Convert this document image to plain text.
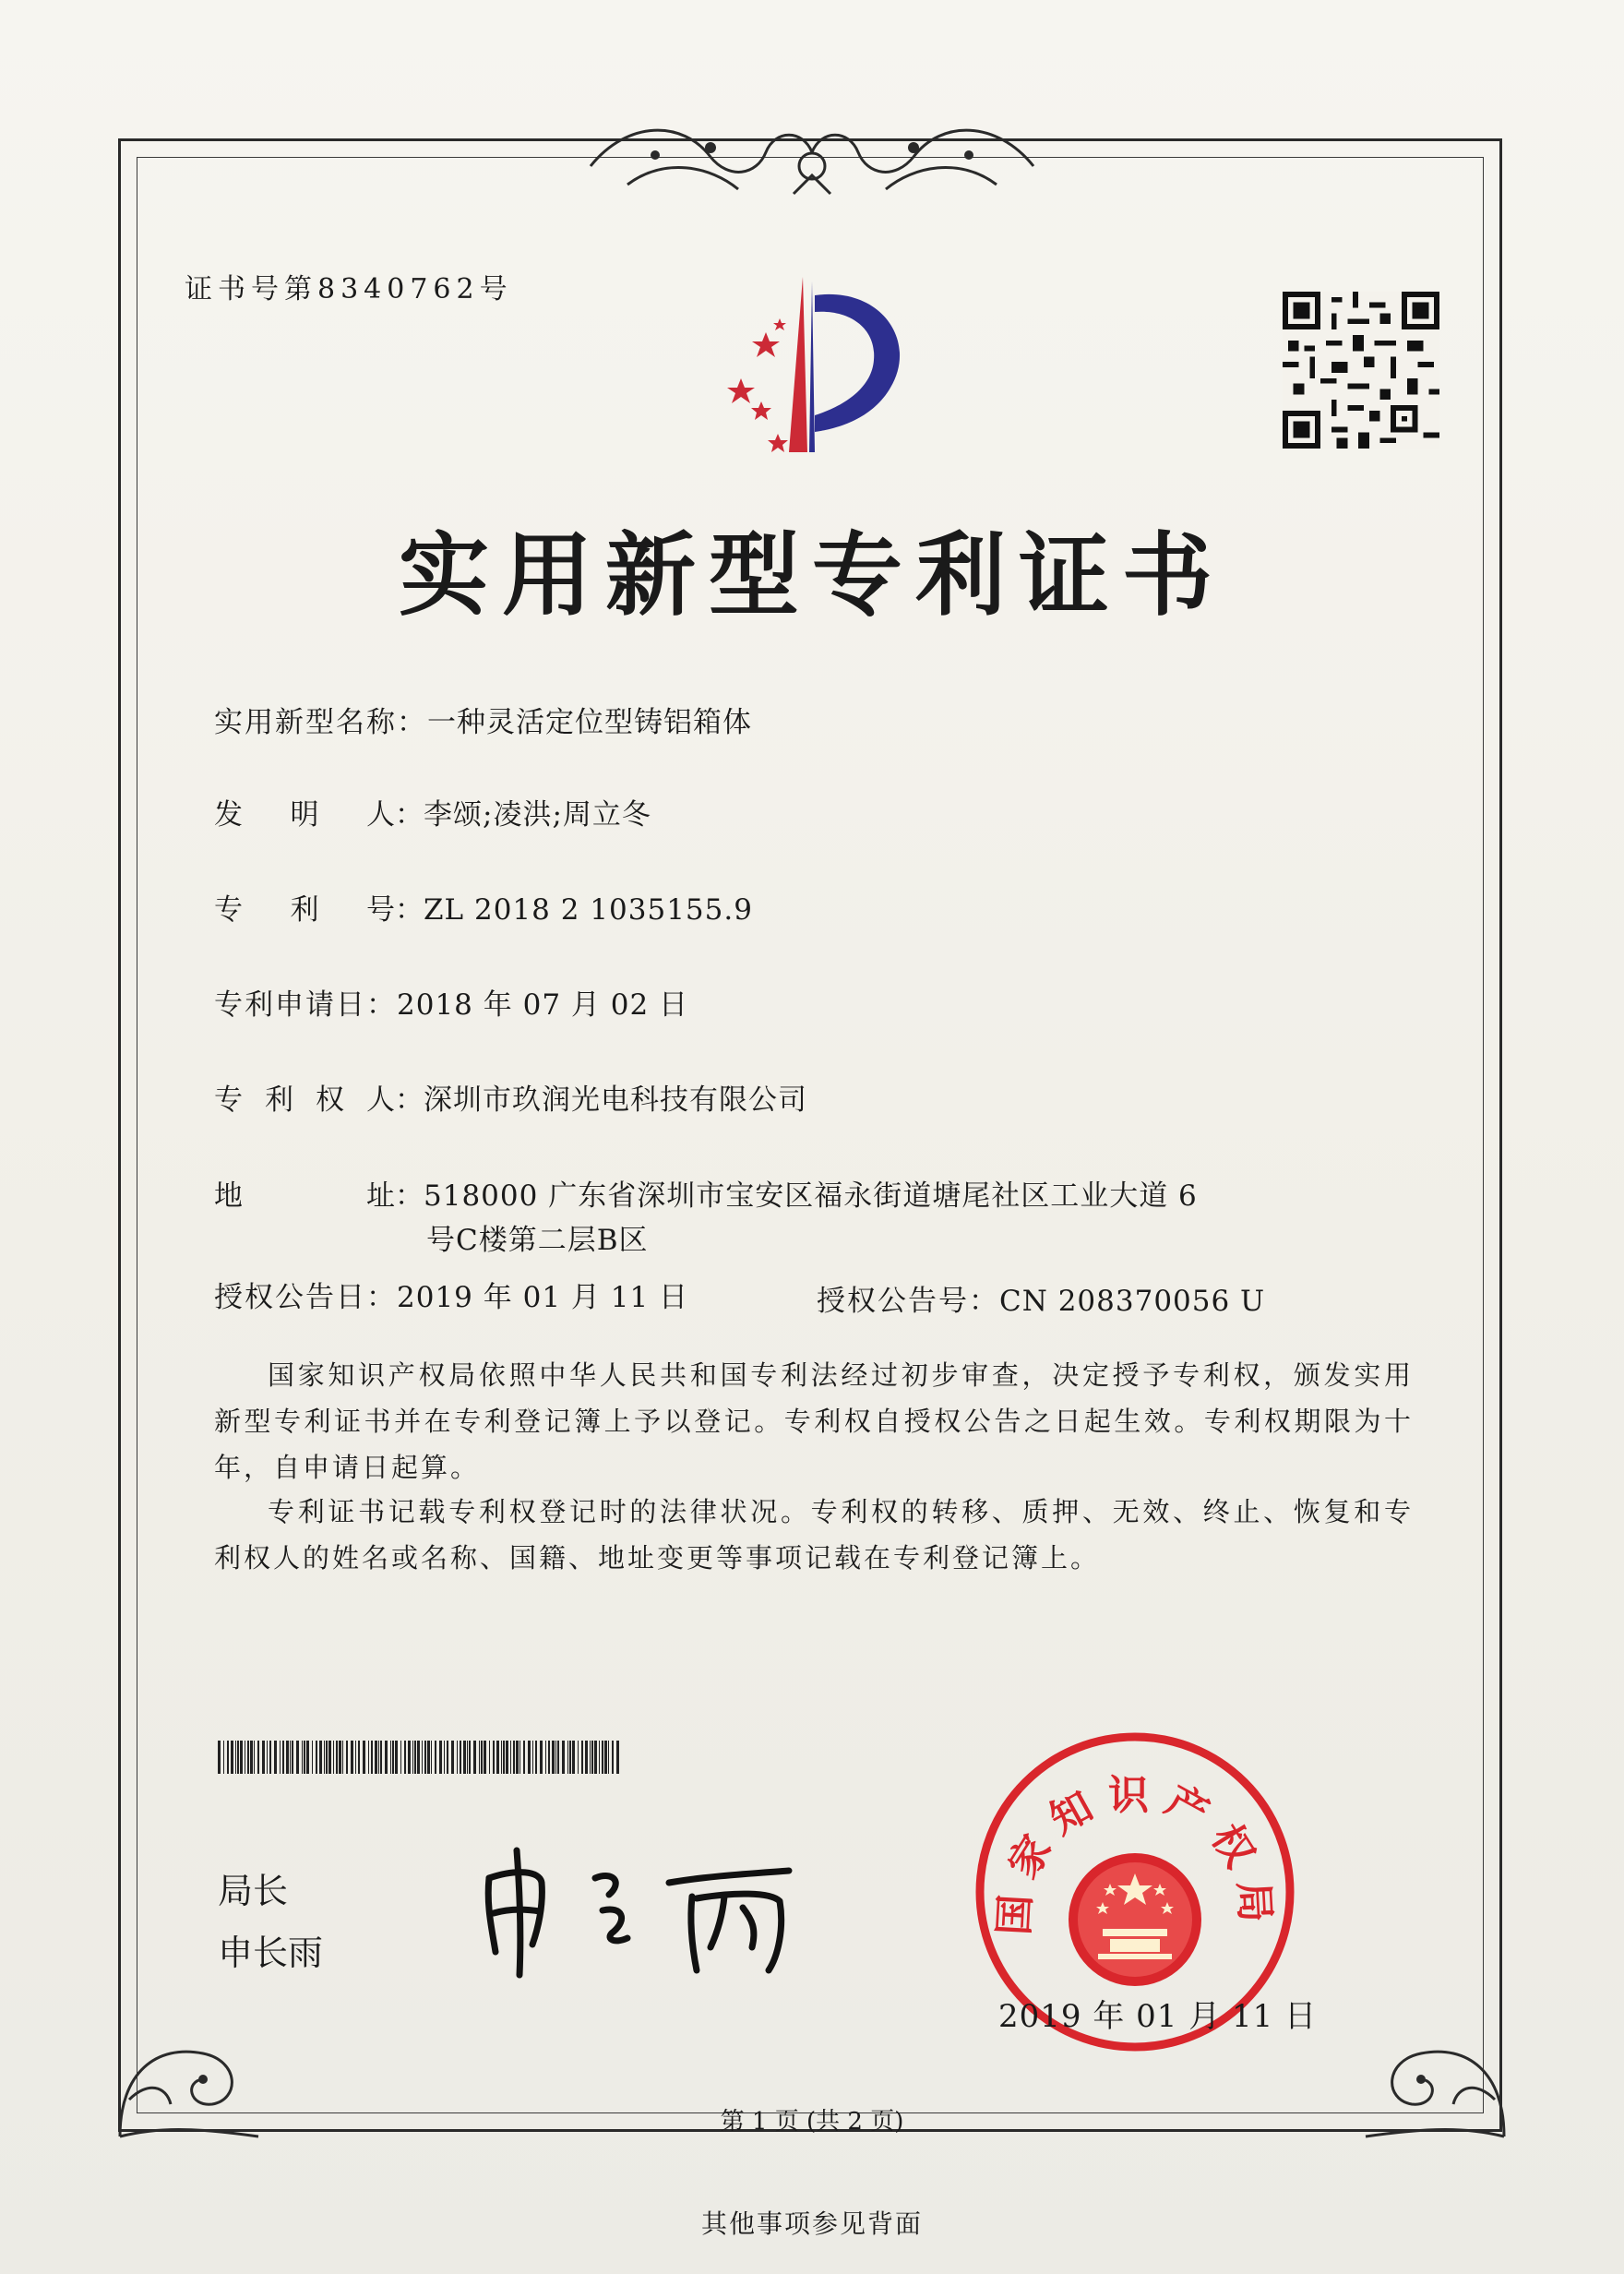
证书号第8340762号
实用新型专利证书
实用新型名称：一种灵活定位型铸铝箱体
发 明 人 ：李颂;凌洪;周立冬
专 利 号 ：ZL 2018 2 1035155.9
专利申请日：2018 年 07 月 02 日
专 利 权 人 ：深圳市玖润光电科技有限公司
地	址 ：518000 广东省深圳市宝安区福永街道塘尾社区工业大道 6
号C楼第二层B区
授权公告日：2019 年 01 月 11 日	授权公告号：CN 208370056 U
国家知识产权局依照中华人民共和国专利法经过初步审查，决定授予专利权，颁发实用新型专利证书并在专利登记簿上予以登记。专利权自授权公告之日起生效。专利权期限为十年，自申请日起算。
专利证书记载专利权登记时的法律状况。专利权的转移、质押、无效、终止、恢复和专利权人的姓名或名称、国籍、地址变更等事项记载在专利登记簿上。
局长
申长雨
国家知识产权局
2019 年 01 月 11 日
第 1 页 (共 2 页)
其他事项参见背面
